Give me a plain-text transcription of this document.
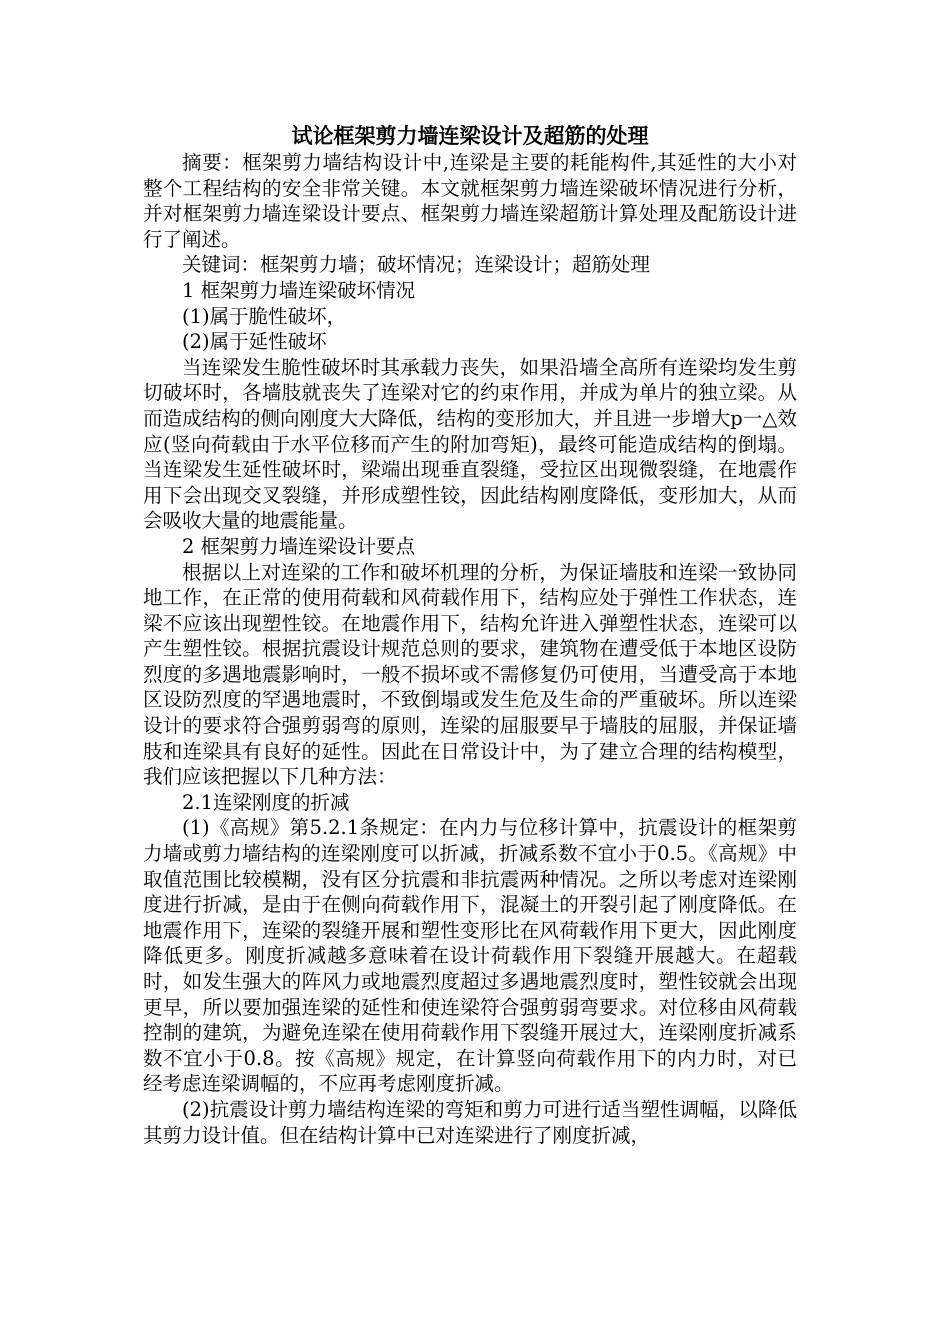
试论框架剪力墙连梁设计及超筋的处理

摘要：框架剪力墙结构设计中,连梁是主要的耗能构件,其延性的大小对整个工程结构的安全非常关键。本文就框架剪力墙连梁破坏情况进行分析，并对框架剪力墙连梁设计要点、框架剪力墙连梁超筋计算处理及配筋设计进行了阐述。

关键词：框架剪力墙；破坏情况；连梁设计；超筋处理

1 框架剪力墙连梁破坏情况

(1)属于脆性破坏，

(2)属于延性破坏

当连梁发生脆性破坏时其承载力丧失，如果沿墙全高所有连梁均发生剪切破坏时，各墙肢就丧失了连梁对它的约束作用，并成为单片的独立梁。从而造成结构的侧向刚度大大降低，结构的变形加大，并且进一步增大p一△效应(竖向荷载由于水平位移而产生的附加弯矩)，最终可能造成结构的倒塌。当连梁发生延性破坏时，梁端出现垂直裂缝，受拉区出现微裂缝，在地震作用下会出现交叉裂缝，并形成塑性铰，因此结构刚度降低，变形加大，从而会吸收大量的地震能量。

2 框架剪力墙连梁设计要点

根据以上对连梁的工作和破坏机理的分析，为保证墙肢和连梁一致协同地工作，在正常的使用荷载和风荷载作用下，结构应处于弹性工作状态，连梁不应该出现塑性铰。在地震作用下，结构允许进入弹塑性状态，连梁可以产生塑性铰。根据抗震设计规范总则的要求，建筑物在遭受低于本地区设防烈度的多遇地震影响时，一般不损坏或不需修复仍可使用，当遭受高于本地区设防烈度的罕遇地震时，不致倒塌或发生危及生命的严重破坏。所以连梁设计的要求符合强剪弱弯的原则，连梁的屈服要早于墙肢的屈服，并保证墙肢和连梁具有良好的延性。因此在日常设计中，为了建立合理的结构模型，我们应该把握以下几种方法：

2.1连梁刚度的折减

(1)《高规》第5.2.1条规定：在内力与位移计算中，抗震设计的框架剪力墙或剪力墙结构的连梁刚度可以折减，折减系数不宜小于0.5。《高规》中取值范围比较模糊，没有区分抗震和非抗震两种情况。之所以考虑对连梁刚度进行折减，是由于在侧向荷载作用下，混凝土的开裂引起了刚度降低。在地震作用下，连梁的裂缝开展和塑性变形比在风荷载作用下更大，因此刚度降低更多。刚度折减越多意味着在设计荷载作用下裂缝开展越大。在超载时，如发生强大的阵风力或地震烈度超过多遇地震烈度时，塑性铰就会出现更早，所以要加强连梁的延性和使连梁符合强剪弱弯要求。对位移由风荷载控制的建筑，为避免连梁在使用荷载作用下裂缝开展过大，连梁刚度折减系数不宜小于0.8。按《高规》规定，在计算竖向荷载作用下的内力时，对已经考虑连梁调幅的，不应再考虑刚度折减。

(2)抗震设计剪力墙结构连梁的弯矩和剪力可进行适当塑性调幅，以降低其剪力设计值。但在结构计算中已对连梁进行了刚度折减，
